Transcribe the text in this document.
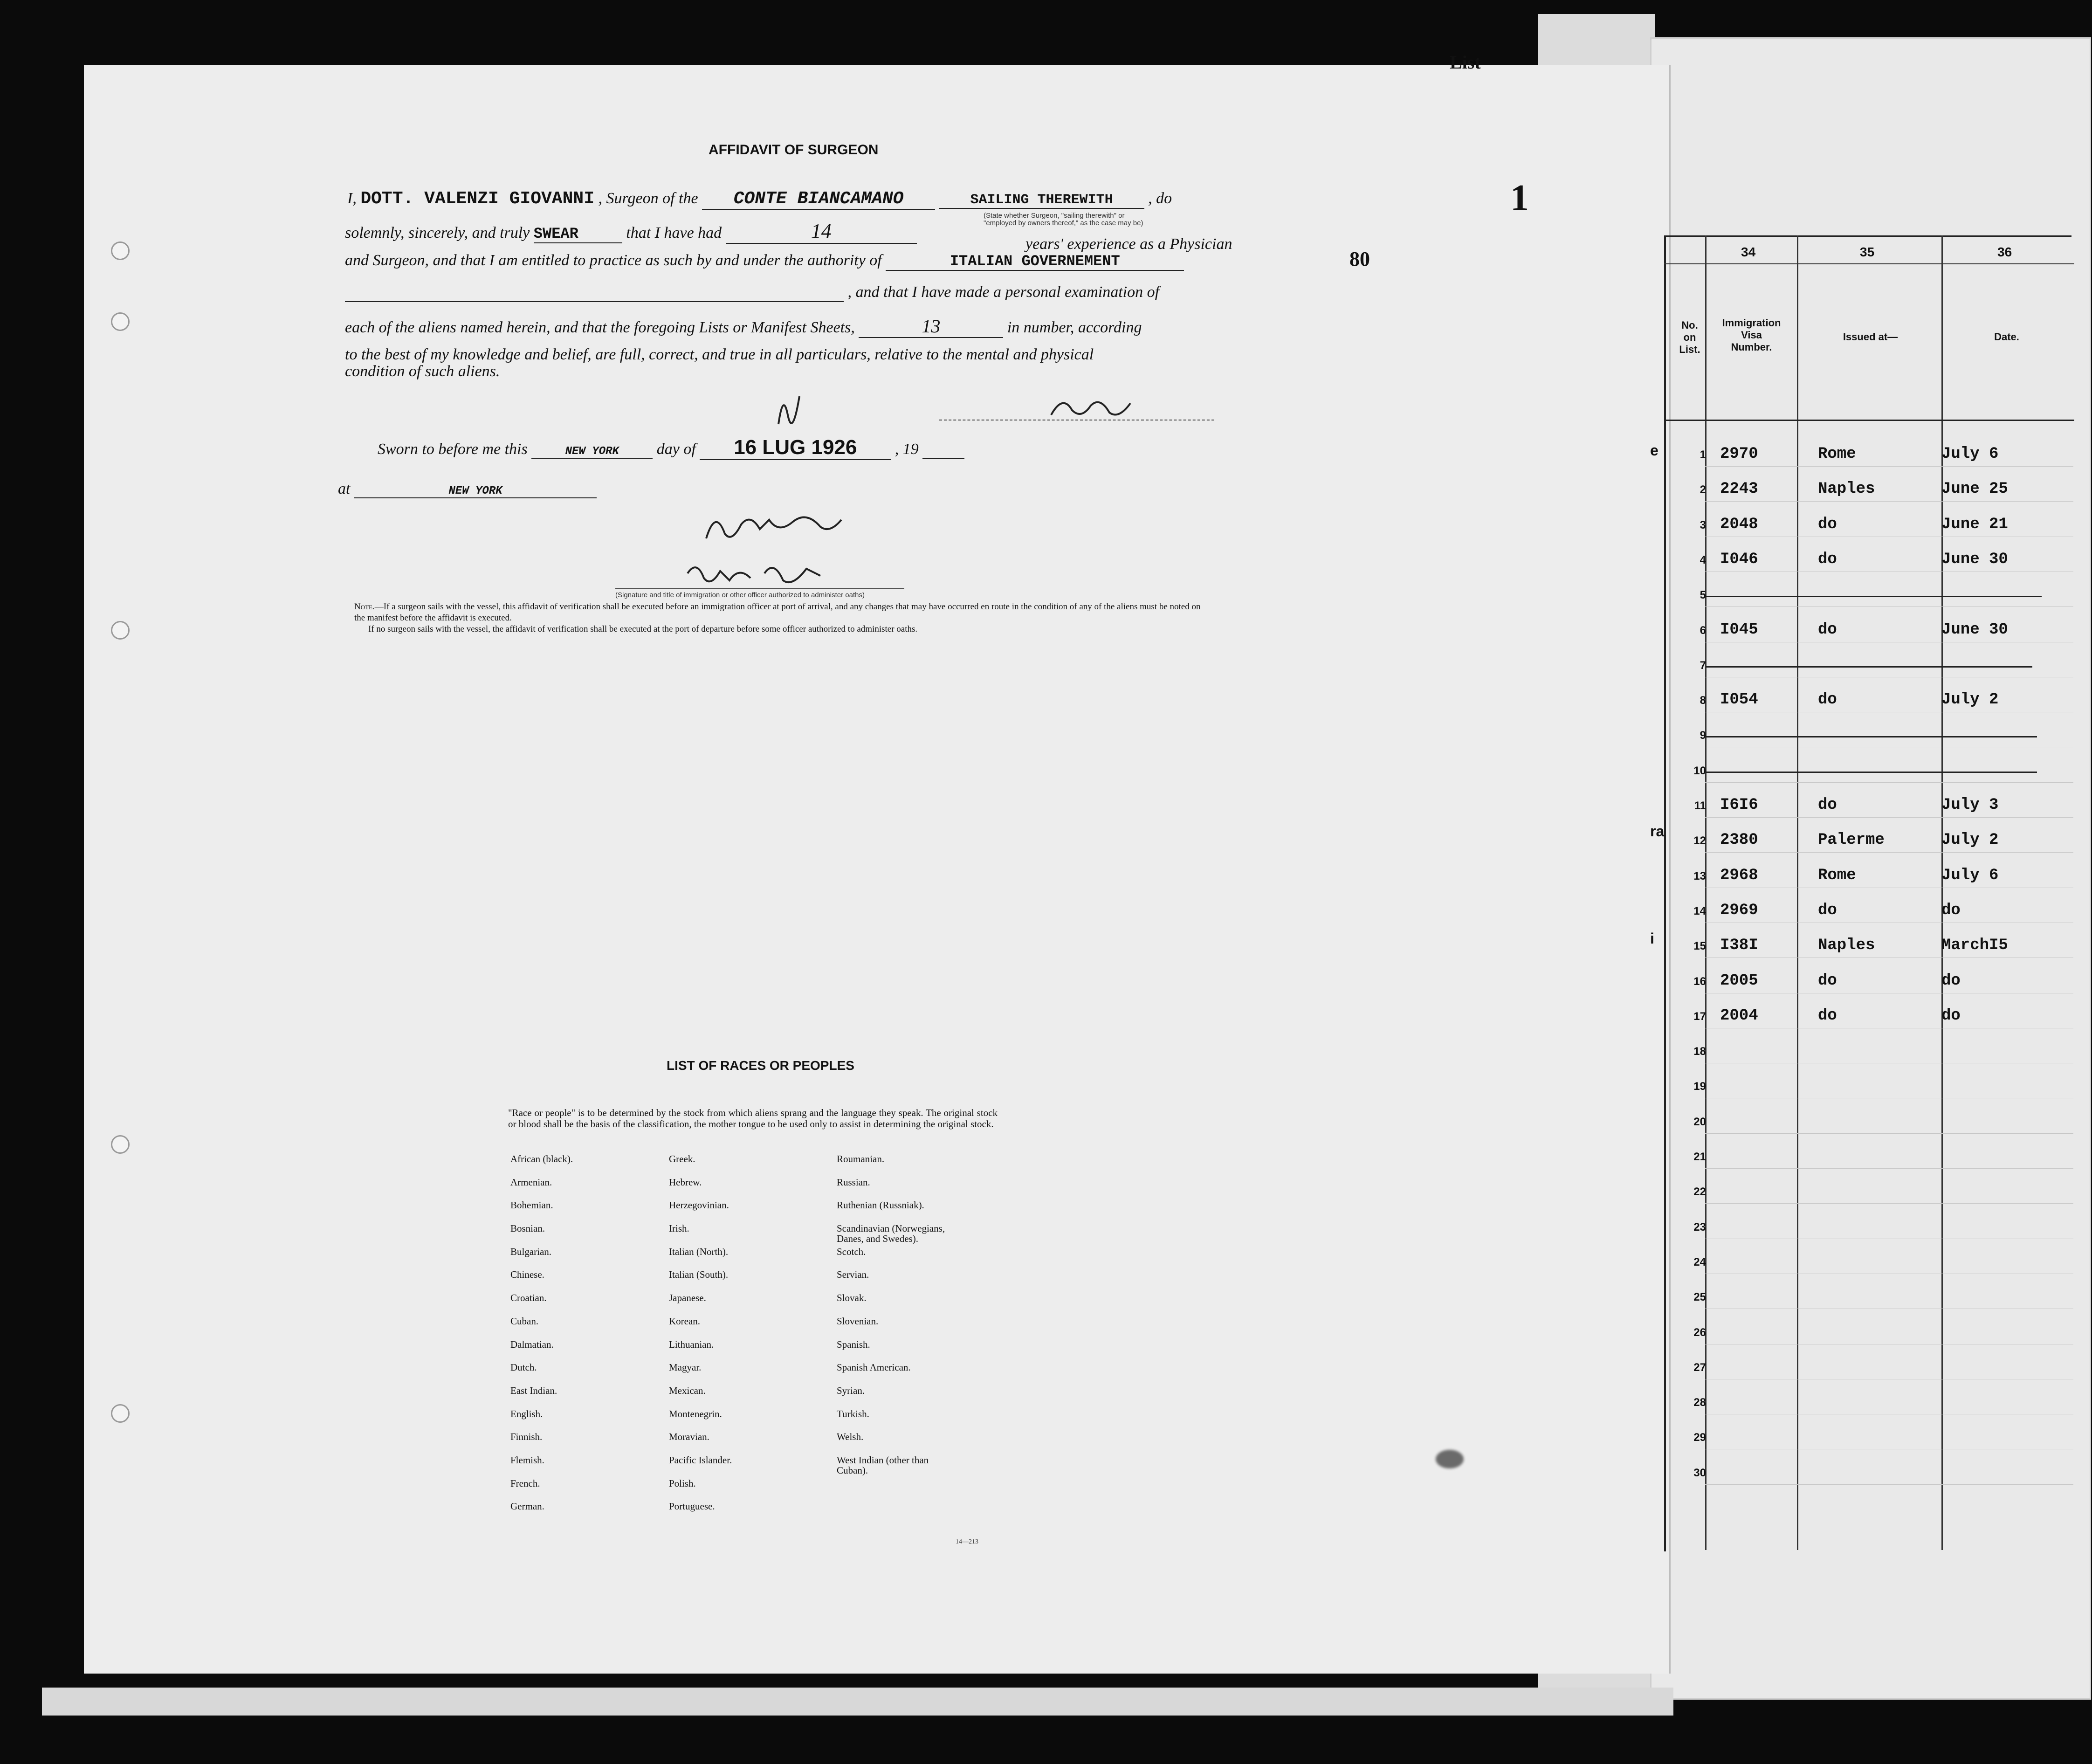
List
1
AFFIDAVIT OF SURGEON
I, DOTT. VALENZI GIOVANNI , Surgeon of the CONTE BIANCAMANO	SAILING THEREWITH , do
(State whether Surgeon, "sailing therewith" or "employed by owners thereof," as the case may be)
solemnly, sincerely, and truly SWEAR	that I have had	14
years' experience as a Physician
and Surgeon, and that I am entitled to practice as such by and under the authority of	ITALIAN GOVERNEMENT
, and that I have made a personal examination of
each of the aliens named herein, and that the foregoing Lists or Manifest Sheets,	13	in number, according
to the best of my knowledge and belief, are full, correct, and true in all particulars, relative to the mental and physical
condition of such aliens.
80
Sworn to before me this	NEW YORK day of 16 LUG 1926 , 19
at	NEW YORK
(Signature and title of immigration or other officer authorized to administer oaths)
Note.—If a surgeon sails with the vessel, this affidavit of verification shall be executed before an immigration officer at port of arrival, and any changes that may have occurred en route in the condition of any of the aliens must be noted on the manifest before the affidavit is executed.
If no surgeon sails with the vessel, the affidavit of verification shall be executed at the port of departure before some officer authorized to administer oaths.
LIST OF RACES OR PEOPLES
"Race or people" is to be determined by the stock from which aliens sprang and the language they speak. The original stock or blood shall be the basis of the classification, the mother tongue to be used only to assist in determining the original stock.
African (black).
Armenian.
Bohemian.
Bosnian.
Bulgarian.
Chinese.
Croatian.
Cuban.
Dalmatian.
Dutch.
East Indian.
English.
Finnish.
Flemish.
French.
German.
Greek.
Hebrew.
Herzegovinian.
Irish.
Italian (North).
Italian (South).
Japanese.
Korean.
Lithuanian.
Magyar.
Mexican.
Montenegrin.
Moravian.
Pacific Islander.
Polish.
Portuguese.
Roumanian.
Russian.
Ruthenian (Russniak).
Scandinavian (Norwegians,
Danes, and Swedes).
Scotch.
Servian.
Slovak.
Slovenian.
Spanish.
Spanish American.
Syrian.
Turkish.
Welsh.
West Indian (other than
Cuban).
14—213
34	35	36
No.
on
List.
Immigration
Visa
Number.
Issued at—	Date.
1 2970	Rome	July 6
2 2243	Naples	June 25
3 2048	do	June 21
4 I046	do	June 30
5
6 I045	do	June 30
7
8 I054	do	July 2
9
10
11 I6I6	do	July 3
12 2380	Palerme	July 2
13 2968	Rome	July 6
14 2969	do	do
15 I38I	Naples	MarchI5
16 2005	do	do
17 2004	do	do
18
19
20
21
22
23
24
25
26
27
28
29
30
e
ra
i
